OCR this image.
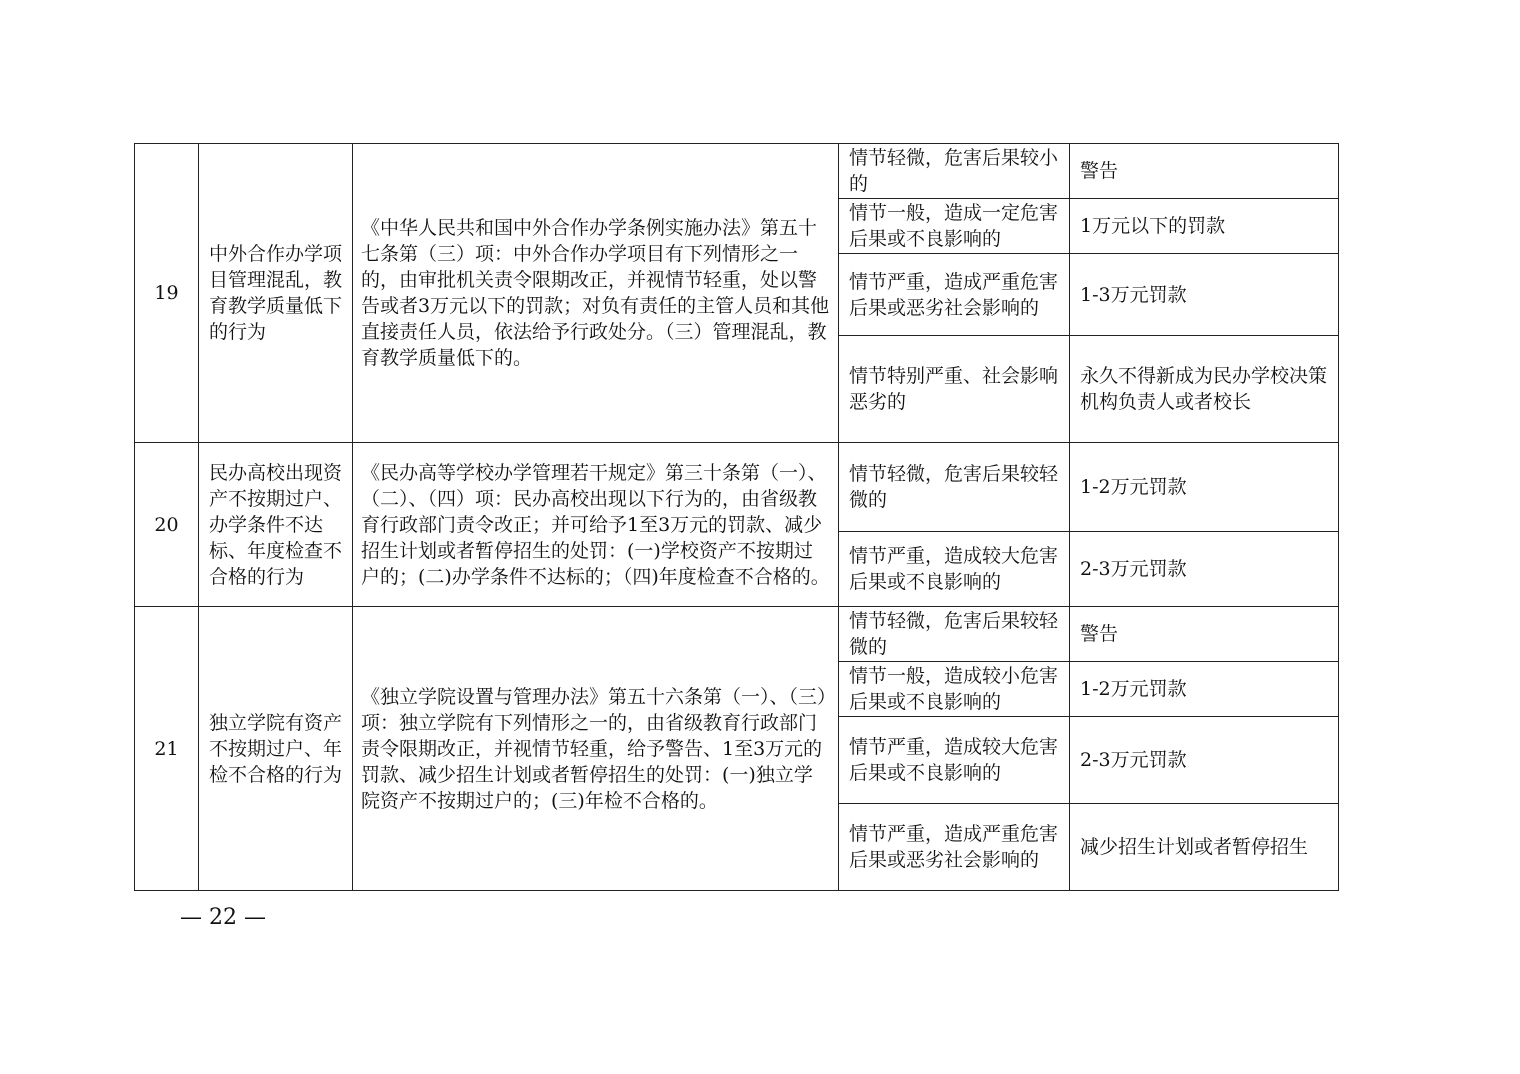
19	中外合作办学项目管理混乱，教育教学质量低下的行为	《中华人民共和国中外合作办学条例实施办法》第五十七条第（三）项：中外合作办学项目有下列情形之一的，由审批机关责令限期改正，并视情节轻重，处以警告或者3万元以下的罚款；对负有责任的主管人员和其他直接责任人员，依法给予行政处分。（三）管理混乱，教育教学质量低下的。	情节轻微，危害后果较小的	警告
			情节一般，造成一定危害后果或不良影响的	1万元以下的罚款
			情节严重，造成严重危害后果或恶劣社会影响的	1-3万元罚款
			情节特别严重、社会影响恶劣的	永久不得新成为民办学校决策机构负责人或者校长
20	民办高校出现资产不按期过户、办学条件不达标、年度检查不合格的行为	《民办高等学校办学管理若干规定》第三十条第（一）、（二）、（四）项：民办高校出现以下行为的，由省级教育行政部门责令改正；并可给予1至3万元的罚款、减少招生计划或者暂停招生的处罚：(一)学校资产不按期过户的；(二)办学条件不达标的；（四)年度检查不合格的。	情节轻微，危害后果较轻微的	1-2万元罚款
			情节严重，造成较大危害后果或不良影响的	2-3万元罚款
21	独立学院有资产不按期过户、年检不合格的行为	《独立学院设置与管理办法》第五十六条第（一）、（三）项：独立学院有下列情形之一的，由省级教育行政部门责令限期改正，并视情节轻重，给予警告、1至3万元的罚款、减少招生计划或者暂停招生的处罚：(一)独立学院资产不按期过户的；(三)年检不合格的。	情节轻微，危害后果较轻微的	警告
			情节一般，造成较小危害后果或不良影响的	1-2万元罚款
			情节严重，造成较大危害后果或不良影响的	2-3万元罚款
			情节严重，造成严重危害后果或恶劣社会影响的	减少招生计划或者暂停招生
— 22 —
